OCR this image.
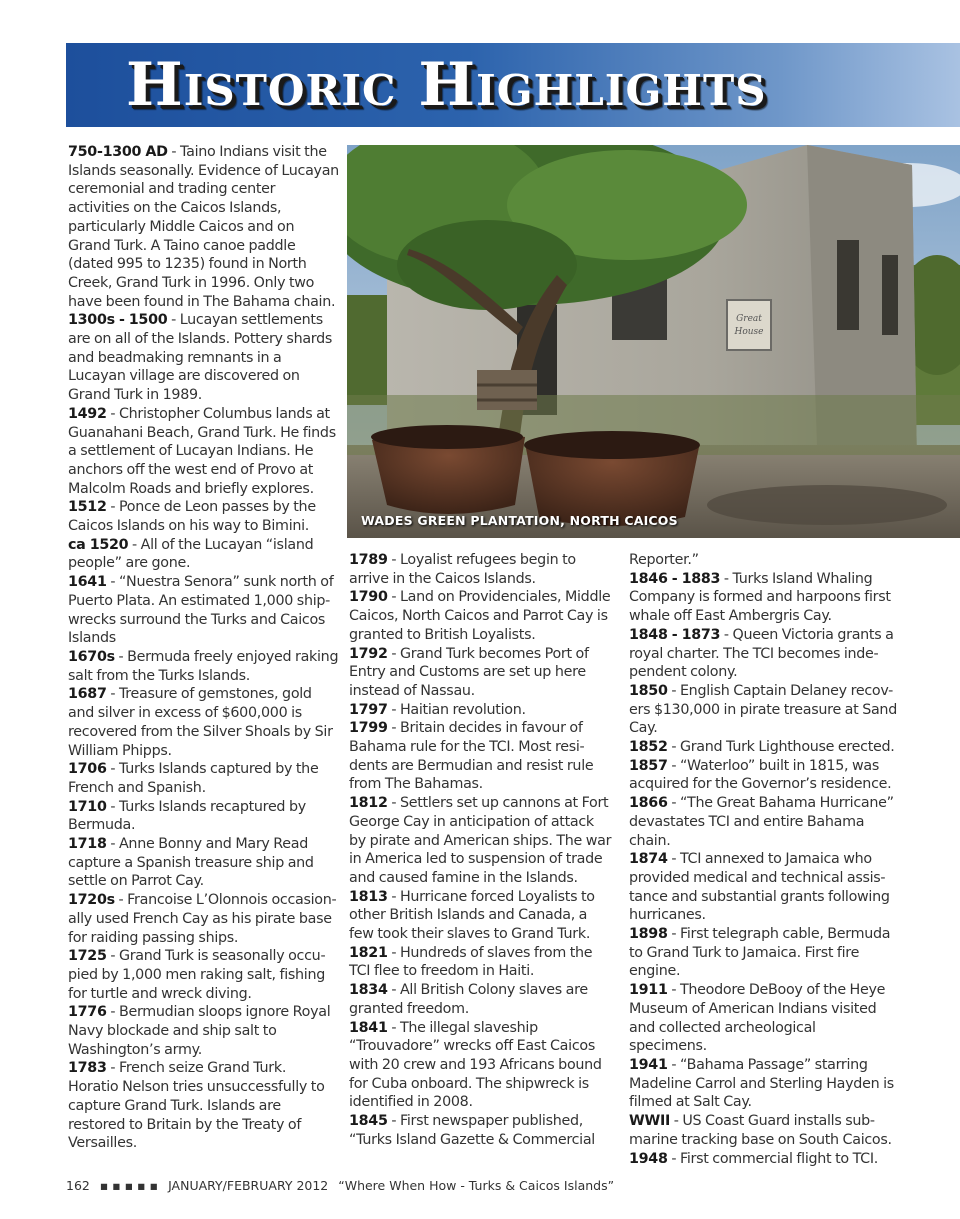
Historic Highlights
750-1300 AD - Taino Indians visit the Islands seasonally. Evidence of Lucayan ceremonial and trading center activities on the Caicos Islands, particularly Middle Caicos and on Grand Turk. A Taino canoe paddle (dated 995 to 1235) found in North Creek, Grand Turk in 1996. Only two have been found in The Bahama chain.
1300s - 1500 - Lucayan settlements are on all of the Islands. Pottery shards and beadmaking remnants in a Lucayan village are discovered on Grand Turk in 1989.
1492 - Christopher Columbus lands at Guanahani Beach, Grand Turk. He finds a settlement of Lucayan Indians. He anchors off the west end of Provo at Malcolm Roads and briefly explores.
1512 - Ponce de Leon passes by the Caicos Islands on his way to Bimini.
ca 1520 - All of the Lucayan “island people” are gone.
1641 - “Nuestra Senora” sunk north of Puerto Plata. An estimated 1,000 ship-wrecks surround the Turks and Caicos Islands
1670s - Bermuda freely enjoyed raking salt from the Turks Islands.
1687 - Treasure of gemstones, gold and silver in excess of $600,000 is recovered from the Silver Shoals by Sir William Phipps.
1706 - Turks Islands captured by the French and Spanish.
1710 - Turks Islands recaptured by Bermuda.
1718 - Anne Bonny and Mary Read capture a Spanish treasure ship and settle on Parrot Cay.
1720s - Francoise L’Olonnois occasion-ally used French Cay as his pirate base for raiding passing ships.
1725 - Grand Turk is seasonally occu-pied by 1,000 men raking salt, fishing for turtle and wreck diving.
1776 - Bermudian sloops ignore Royal Navy blockade and ship salt to Washington’s army.
1783 - French seize Grand Turk. Horatio Nelson tries unsuccessfully to capture Grand Turk. Islands are restored to Britain by the Treaty of Versailles.
Great
House
WADES GREEN PLANTATION, NORTH CAICOS
1789 - Loyalist refugees begin to arrive in the Caicos Islands.
1790 - Land on Providenciales, Middle Caicos, North Caicos and Parrot Cay is granted to British Loyalists.
1792 - Grand Turk becomes Port of Entry and Customs are set up here instead of Nassau.
1797 - Haitian revolution.
1799 - Britain decides in favour of Bahama rule for the TCI. Most resi-dents are Bermudian and resist rule from The Bahamas.
1812 - Settlers set up cannons at Fort George Cay in anticipation of attack by pirate and American ships. The war in America led to suspension of trade and caused famine in the Islands.
1813 - Hurricane forced Loyalists to other British Islands and Canada, a few took their slaves to Grand Turk.
1821 - Hundreds of slaves from the TCI flee to freedom in Haiti.
1834 - All British Colony slaves are granted freedom.
1841 - The illegal slaveship “Trouvadore” wrecks off East Caicos with 20 crew and 193 Africans bound for Cuba onboard. The shipwreck is identified in 2008.
1845 - First newspaper published, “Turks Island Gazette & Commercial
Reporter.”
1846 - 1883 - Turks Island Whaling Company is formed and harpoons first whale off East Ambergris Cay.
1848 - 1873 - Queen Victoria grants a royal charter. The TCI becomes inde-pendent colony.
1850 - English Captain Delaney recov-ers $130,000 in pirate treasure at Sand Cay.
1852 - Grand Turk Lighthouse erected.
1857 - “Waterloo” built in 1815, was acquired for the Governor’s residence.
1866 - “The Great Bahama Hurricane” devastates TCI and entire Bahama chain.
1874 - TCI annexed to Jamaica who provided medical and technical assis-tance and substantial grants following hurricanes.
1898 - First telegraph cable, Bermuda to Grand Turk to Jamaica. First fire engine.
1911 - Theodore DeBooy of the Heye Museum of American Indians visited and collected archeological specimens.
1941 - “Bahama Passage” starring Madeline Carrol and Sterling Hayden is filmed at Salt Cay.
WWII - US Coast Guard installs sub-marine tracking base on South Caicos.
1948 - First commercial flight to TCI.
162 ▪ ▪ ▪ ▪ ▪ JANUARY/FEBRUARY 2012 “Where When How - Turks & Caicos Islands”
